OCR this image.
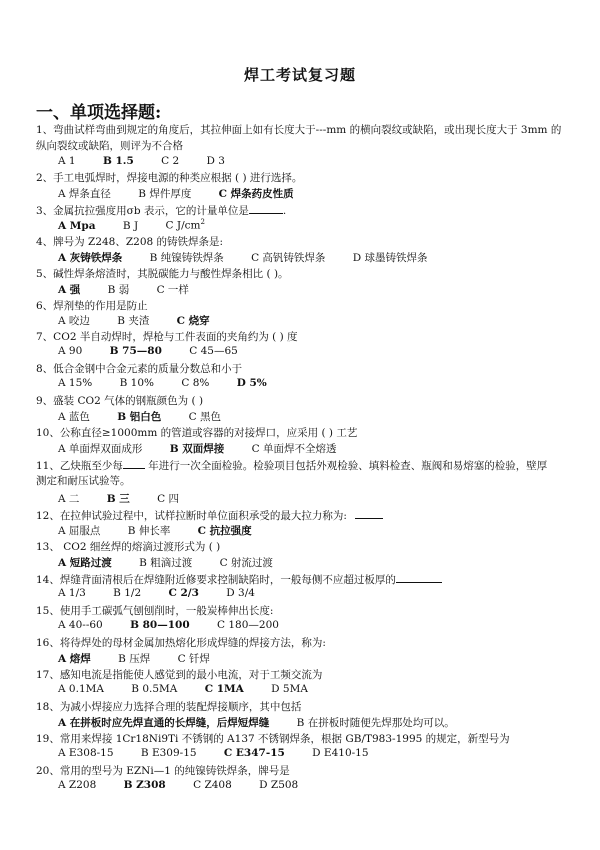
焊工考试复习题
一、单项选择题:
1、弯曲试样弯曲到规定的角度后，其拉伸面上如有长度大于---mm 的横向裂纹或缺陷，或出现长度大于 3mm 的
纵向裂纹或缺陷，则评为不合格
A 1	B 1.5	C 2	D 3
2、手工电弧焊时，焊接电源的种类应根据 ( ) 进行选择。
A 焊条直径	B 焊件厚度	C 焊条药皮性质
3、金属抗拉强度用σb 表示，它的计量单位是	.
A Mpa	B J	C $J/cm^2$
4、牌号为 Z248、Z208 的铸铁焊条是:
A 灰铸铁焊条	B 纯镍铸铁焊条	C 高钒铸铁焊条	D 球墨铸铁焊条
5、碱性焊条熔渣时，其脱碳能力与酸性焊条相比 ( )。
A 强	B 弱	C 一样
6、焊剂垫的作用是防止
A 咬边	B 夹渣	C 烧穿
7、CO2 半自动焊时，焊枪与工件表面的夹角约为 ( ) 度
A 90	B 75—80	C 45—65
8、低合金钢中合金元素的质量分数总和小于
A 15%	B 10%	C 8%	D 5%
9、盛装 CO2 气体的钢瓶颜色为 ( )
A 蓝色	B 铝白色	C 黑色
10、公称直径≥1000mm 的管道或容器的对接焊口，应采用 ( ) 工艺
A 单面焊双面成形	B 双面焊接	C 单面焊不全熔透
11、乙炔瓶至少每 年进行一次全面检验。检验项目包括外观检验、填料检查、瓶阀和易熔塞的检验，壁厚
测定和耐压试验等。
A 二	B 三	C 四
12、在拉伸试验过程中，试样拉断时单位面积承受的最大拉力称为:
A 屈服点	B 伸长率	C 抗拉强度
13、 CO2 细丝焊的熔滴过渡形式为 ( )
A 短路过渡	B 粗滴过渡	C 射流过渡
14、焊缝背面清根后在焊缝附近修要求控制缺陷时，一般每侧不应超过板厚的
A 1/3	B 1/2	C 2/3	D 3/4
15、使用手工碳弧气刨刨削时，一般炭棒伸出长度:
A 40--60	B 80—100	C 180—200
16、将待焊处的母材金属加热熔化形成焊缝的焊接方法，称为:
A 熔焊	B 压焊	C 钎焊
17、感知电流是指能使人感觉到的最小电流，对于工频交流为
A 0.1MA	B 0.5MA	C 1MA	D 5MA
18、为减小焊接应力选择合理的装配焊接顺序，其中包括
A 在拼板时应先焊直通的长焊缝，后焊短焊缝	B 在拼板时随便先焊那处均可以。
19、常用来焊接 1Cr18Ni9Ti 不锈钢的 A137 不锈钢焊条，根据 GB/T983-1995 的规定，新型号为
A E308-15	B E309-15	C E347-15	D E410-15
20、常用的型号为 EZNi—1 的纯镍铸铁焊条，牌号是
A Z208	B Z308	C Z408	D Z508
